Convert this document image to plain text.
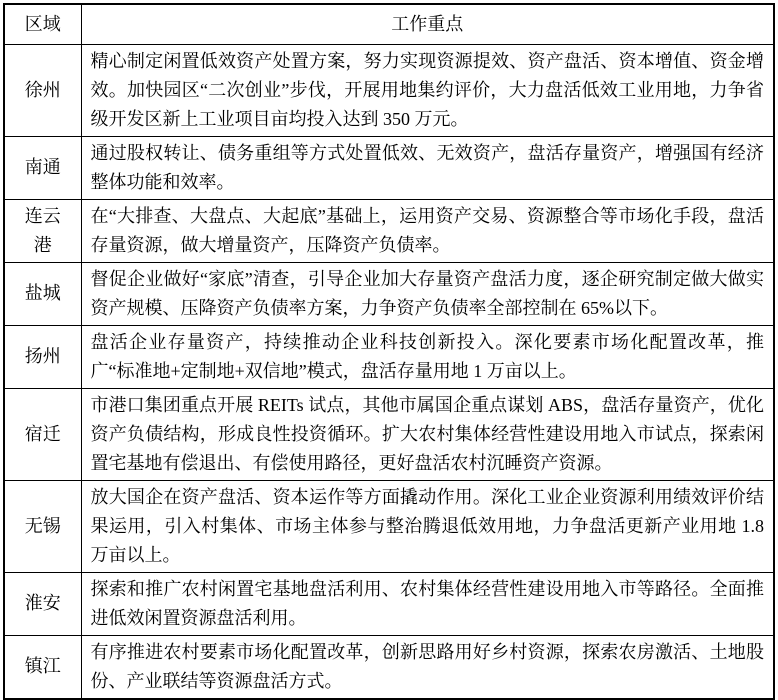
区域	工作重点
徐州	精心制定闲置低效资产处置方案，努力实现资源提效、资产盘活、资本增值、资金增效。加快园区“二次创业”步伐，开展用地集约评价，大力盘活低效工业用地，力争省级开发区新上工业项目亩均投入达到 350 万元。
南通	通过股权转让、债务重组等方式处置低效、无效资产，盘活存量资产，增强国有经济整体功能和效率。
连云港	在“大排查、大盘点、大起底”基础上，运用资产交易、资源整合等市场化手段，盘活存量资源，做大增量资产，压降资产负债率。
盐城	督促企业做好“家底”清查，引导企业加大存量资产盘活力度，逐企研究制定做大做实资产规模、压降资产负债率方案，力争资产负债率全部控制在 65%以下。
扬州	盘活企业存量资产，持续推动企业科技创新投入。深化要素市场化配置改革，推广“标准地+定制地+双信地”模式，盘活存量用地 1 万亩以上。
宿迁	市港口集团重点开展 REITs 试点，其他市属国企重点谋划 ABS，盘活存量资产，优化资产负债结构，形成良性投资循环。扩大农村集体经营性建设用地入市试点，探索闲置宅基地有偿退出、有偿使用路径，更好盘活农村沉睡资产资源。
无锡	放大国企在资产盘活、资本运作等方面撬动作用。深化工业企业资源利用绩效评价结果运用，引入村集体、市场主体参与整治腾退低效用地，力争盘活更新产业用地 1.8 万亩以上。
淮安	探索和推广农村闲置宅基地盘活利用、农村集体经营性建设用地入市等路径。全面推进低效闲置资源盘活利用。
镇江	有序推进农村要素市场化配置改革，创新思路用好乡村资源，探索农房激活、土地股份、产业联结等资源盘活方式。
